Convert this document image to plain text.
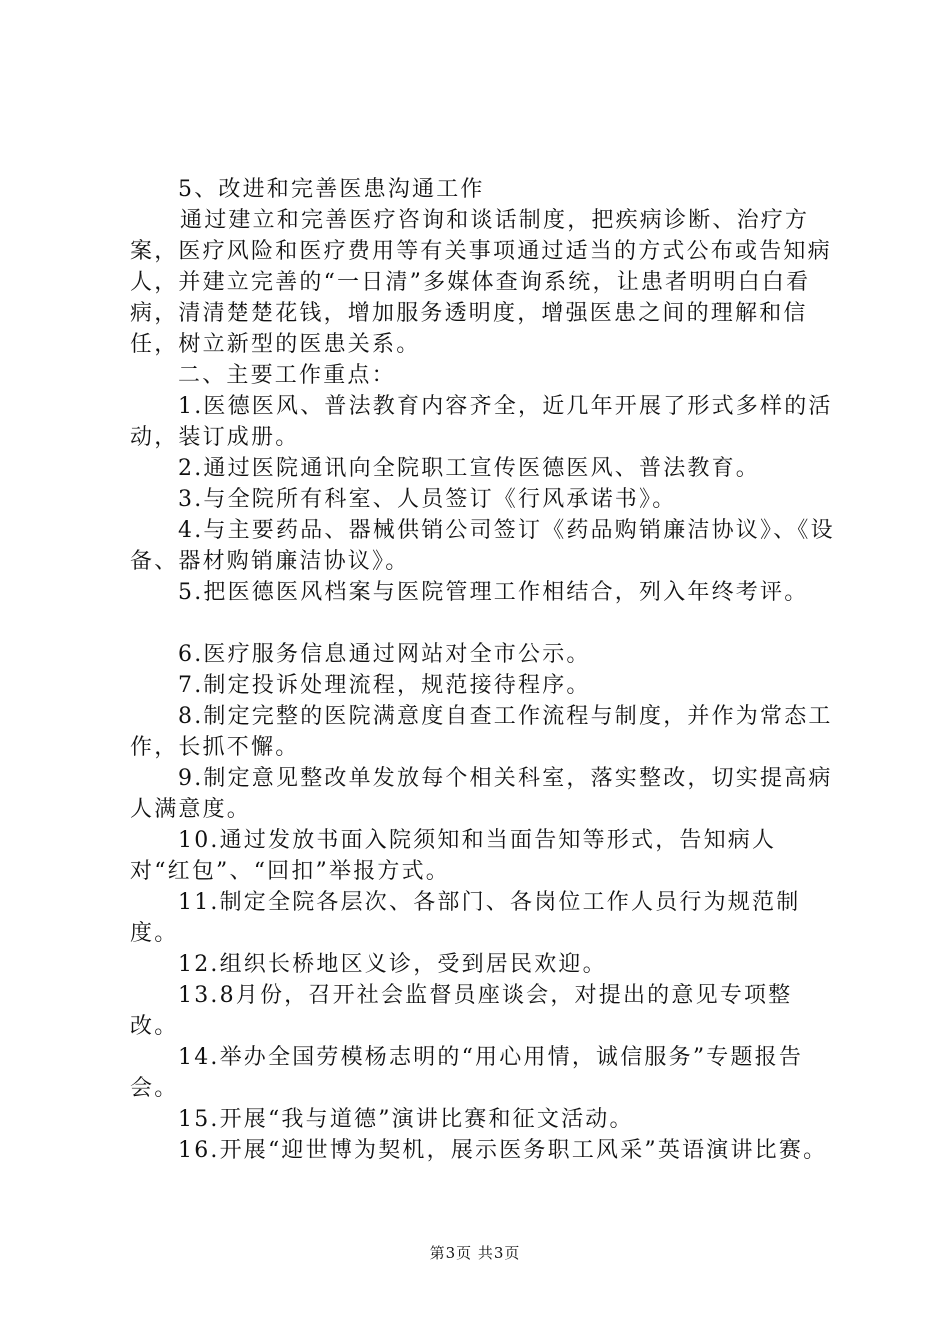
5、改进和完善医患沟通工作

通过建立和完善医疗咨询和谈话制度，把疾病诊断、治疗方案，医疗风险和医疗费用等有关事项通过适当的方式公布或告知病人，并建立完善的“一日清”多媒体查询系统，让患者明明白白看病，清清楚楚花钱，增加服务透明度，增强医患之间的理解和信任，树立新型的医患关系。

二、主要工作重点：

1.医德医风、普法教育内容齐全，近几年开展了形式多样的活动，装订成册。

2.通过医院通讯向全院职工宣传医德医风、普法教育。

3.与全院所有科室、人员签订《行风承诺书》。

4.与主要药品、器械供销公司签订《药品购销廉洁协议》、《设备、器材购销廉洁协议》。

5.把医德医风档案与医院管理工作相结合，列入年终考评。

6.医疗服务信息通过网站对全市公示。

7.制定投诉处理流程，规范接待程序。

8.制定完整的医院满意度自查工作流程与制度，并作为常态工作，长抓不懈。

9.制定意见整改单发放每个相关科室，落实整改，切实提高病人满意度。

10.通过发放书面入院须知和当面告知等形式，告知病人对“红包”、“回扣”举报方式。

11.制定全院各层次、各部门、各岗位工作人员行为规范制度。

12.组织长桥地区义诊，受到居民欢迎。

13.8月份，召开社会监督员座谈会，对提出的意见专项整改。

14.举办全国劳模杨志明的“用心用情，诚信服务”专题报告会。

15.开展“我与道德”演讲比赛和征文活动。

16.开展“迎世博为契机，展示医务职工风采”英语演讲比赛。

第3页 共3页
